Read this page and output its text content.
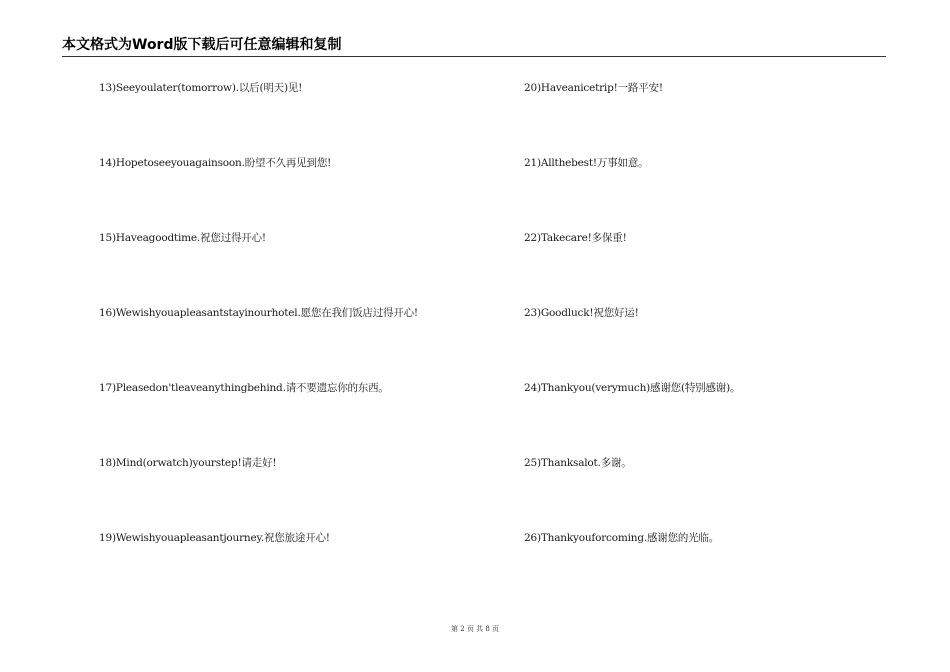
本文格式为Word版下载后可任意编辑和复制
13)Seeyoulater(tomorrow).以后(明天)见!
14)Hopetoseeyouagainsoon.盼望不久再见到您!
15)Haveagoodtime.祝您过得开心!
16)Wewishyouapleasantstayinourhotel.愿您在我们饭店过得开心!
17)Pleasedon'tleaveanythingbehind.请不要遗忘你的东西。
18)Mind(orwatch)yourstep!请走好!
19)Wewishyouapleasantjourney.祝您旅途开心!
20)Haveanicetrip!一路平安!
21)Allthebest!万事如意。
22)Takecare!多保重!
23)Goodluck!祝您好运!
24)Thankyou(verymuch)感谢您(特别感谢)。
25)Thanksalot.多谢。
26)Thankyouforcoming.感谢您的光临。
第 2 页 共 8 页
